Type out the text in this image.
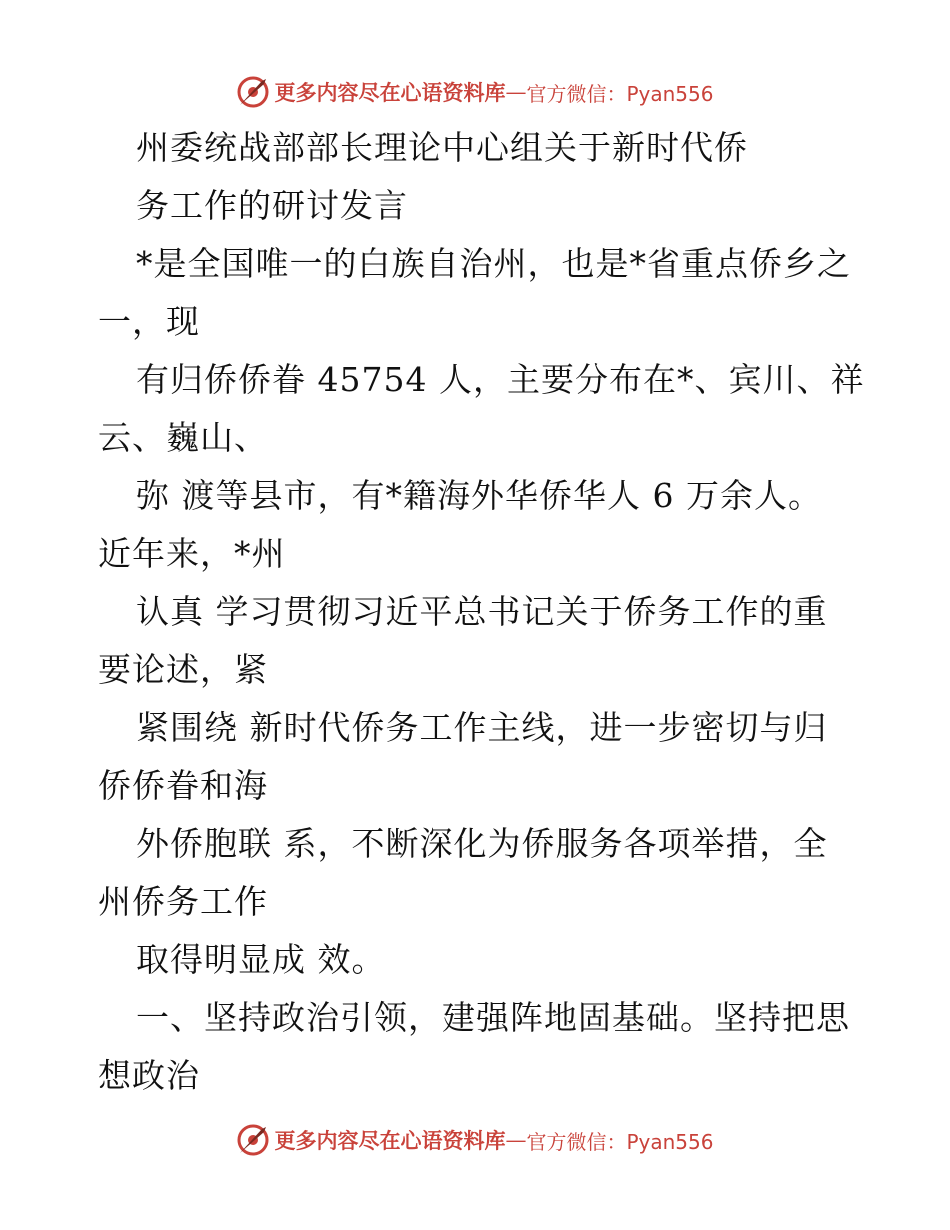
更多内容尽在心语资料库 — 官方微信：Pyan556
州委统战部部长理论中心组关于新时代侨
务工作的研讨发言
*是全国唯一的白族自治州，也是*省重点侨乡之
一，现
有归侨侨眷 45754 人，主要分布在*、宾川、祥
云、巍山、
弥 渡等县市，有*籍海外华侨华人 6 万余人。
近年来，*州
认真 学习贯彻习近平总书记关于侨务工作的重
要论述，紧
紧围绕 新时代侨务工作主线，进一步密切与归
侨侨眷和海
外侨胞联 系，不断深化为侨服务各项举措，全
州侨务工作
取得明显成 效。
一、坚持政治引领，建强阵地固基础。坚持把思
想政治
更多内容尽在心语资料库 — 官方微信：Pyan556
